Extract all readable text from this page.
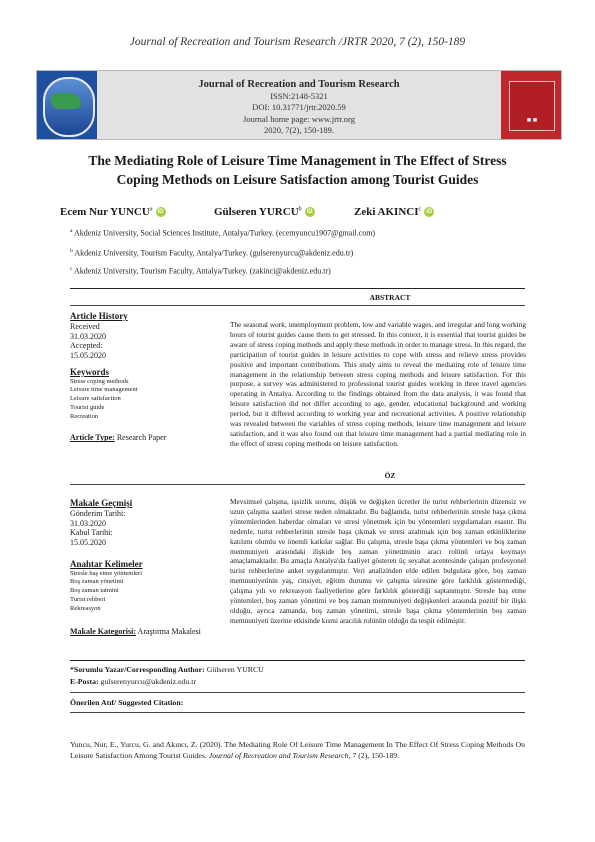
Journal of Recreation and Tourism Research /JRTR 2020, 7 (2), 150-189
Journal of Recreation and Tourism Research
ISSN:2148-5321
DOI: 10.31771/jrtr.2020.59
Journal home page: www.jrtr.org
2020, 7(2), 150-189.
■ ■
The Mediating Role of Leisure Time Management in The Effect of Stress
Coping Methods on Leisure Satisfaction among Tourist Guides
Ecem Nur YUNCU$^a$ iD	Gülseren YURCU$^b$ iD	Zeki AKINCI$^c$ iD
$^a$ Akdeniz University, Social Sciences Institute, Antalya/Turkey. (ecemyuncu1907@gmail.com)
$^b$ Akdeniz University, Tourism Faculty, Antalya/Turkey. (gulserenyurcu@akdeniz.edu.tr)
$^c$ Akdeniz University, Tourism Faculty, Antalya/Turkey. (zakinci@akdeniz.edu.tr)
ABSTRACT
Article History
Received
31.03.2020
Accepted:
15.05.2020
Keywords
Stress coping methods
Leisure time management
Leisure satisfaction
Tourist guide
Recreation
Article Type: Research Paper
The seasonal work, unemployment problem, low and variable wages, and irregular and long working hours of tourist guides cause them to get stressed. In this context, it is essential that tourist guides be aware of stress coping methods and apply these methods in order to manage stress. In this regard, the participation of tourist guides in leisure activities to cope with stress and relieve stress provides positive and important contributions. This study aims to reveal the mediating role of leisure time management in the relationship between stress coping methods and leisure satisfaction. For this purpose, a survey was administered to professional tourist guides working in three travel agencies operating in Antalya. According to the findings obtained from the data analysis, it was found that leisure satisfaction did not differ according to age, gender, educational background and working period, but it differed according to working year and recreational activities. A positive relationship was revealed between the variables of stress coping methods, leisure time management and leisure satisfaction, and it was also found out that leisure time management had a partial mediating role in the effect of stress coping methods on leisure satisfaction.
ÖZ
Makale Geçmişi
Gönderim Tarihi:
31.03.2020
Kabul Tarihi:
15.05.2020
Anahtar Kelimeler
Stresle baş etme yöntemleri
Boş zaman yönetimi
Boş zaman tatmini
Turist rehberi
Rekreasyon
Makale Kategorisi: Araştırma Makalesi
Mevsimsel çalışma, işsizlik sorunu, düşük ve değişken ücretler ile turist rehberlerinin düzensiz ve uzun çalışma saatleri strese neden olmaktadır. Bu bağlamda, turist rehberlerinin stresle başa çıkma yöntemlerinden haberdar olmaları ve stresi yönetmek için bu yöntemleri uygulamaları esastır. Bu nedenle, turist rehberlerinin stresle başa çıkmak ve stresi azaltmak için boş zaman etkinliklerine katılımı olumlu ve önemli katkılar sağlar. Bu çalışma, stresle başa çıkma yöntemleri ve boş zaman memnuniyeti arasındaki ilişkide boş zaman yönetiminin aracı rolünü ortaya koymayı amaçlamaktadır. Bu amaçla Antalya'da faaliyet gösteren üç seyahat acentesinde çalışan profesyonel turist rehberlerine anket uygulanmıştır. Veri analizinden elde edilen bulgulara göre, boş zaman memnuniyetinin yaş, cinsiyet, eğitim durumu ve çalışma süresine göre farklılık göstermediği, çalışma yılı ve rekreasyon faaliyetlerine göre farklılık gösterdiği saptanmıştır. Stresle baş etme yöntemleri, boş zaman yönetimi ve boş zaman memnuniyeti değişkenleri arasında pozitif bir ilişki olduğu, ayrıca zamanda, boş zaman yönetimi, stresle başa çıkma yöntemlerinin boş zaman memnuniyeti üzerine etkisinde kısmi aracılık rolünün olduğu da tespit edilmiştir.
*Sorumlu Yazar/Corresponding Author: Gülseren YURCU
E-Posta: gulserenyurcu@akdeniz.edu.tr
Önerilen Atıf/ Suggested Citation:
Yuncu, Nur, E., Yurcu, G. and Akıncı, Z. (2020). The Mediating Role Of Leisure Time Management In The Effect Of Stress Coping Methods On Leisure Satisfaction Among Tourist Guides. Journal of Recreation and Tourism Research, 7 (2), 150-189.
